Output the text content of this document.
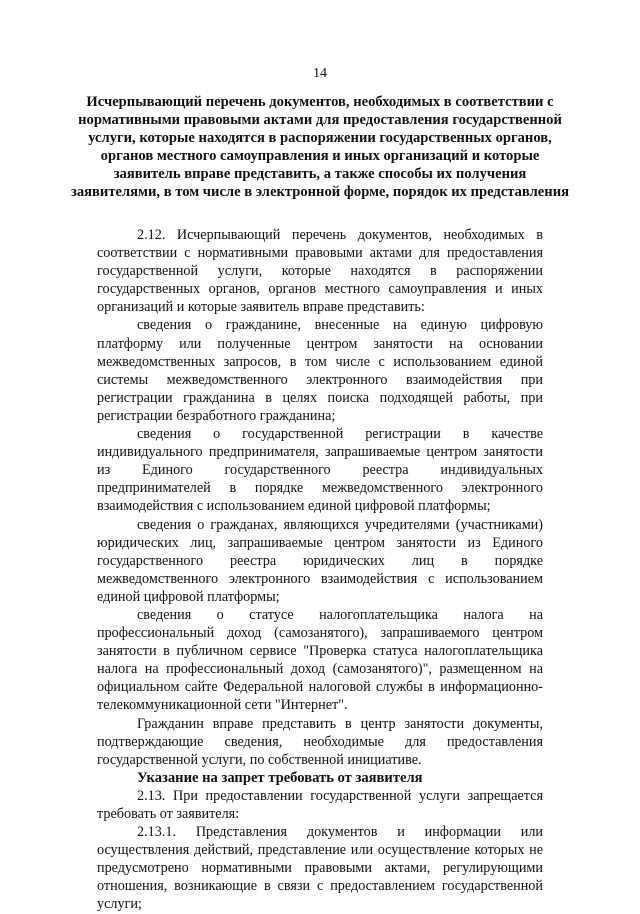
14
Исчерпывающий перечень документов, необходимых в соответствии с нормативными правовыми актами для предоставления государственной услуги, которые находятся в распоряжении государственных органов, органов местного самоуправления и иных организаций и которые заявитель вправе представить, а также способы их получения заявителями, в том числе в электронной форме, порядок их представления

2.12. Исчерпывающий перечень документов, необходимых в соответствии с нормативными правовыми актами для предоставления государственной услуги, которые находятся в распоряжении государственных органов, органов местного самоуправления и иных организаций и которые заявитель вправе представить:

сведения о гражданине, внесенные на единую цифровую платформу или полученные центром занятости на основании межведомственных запросов, в том числе с использованием единой системы межведомственного электронного взаимодействия при регистрации гражданина в целях поиска подходящей работы, при регистрации безработного гражданина;

сведения о государственной регистрации в качестве индивидуального предпринимателя, запрашиваемые центром занятости из Единого государственного реестра индивидуальных предпринимателей в порядке межведомственного электронного взаимодействия с использованием единой цифровой платформы;

сведения о гражданах, являющихся учредителями (участниками) юридических лиц, запрашиваемые центром занятости из Единого государственного реестра юридических лиц в порядке межведомственного электронного взаимодействия с использованием единой цифровой платформы;

сведения о статусе налогоплательщика налога на профессиональный доход (самозанятого), запрашиваемого центром занятости в публичном сервисе "Проверка статуса налогоплательщика налога на профессиональный доход (самозанятого)", размещенном на официальном сайте Федеральной налоговой службы в информационно-телекоммуникационной сети "Интернет".

Гражданин вправе представить в центр занятости документы, подтверждающие сведения, необходимые для предоставления государственной услуги, по собственной инициативе.

Указание на запрет требовать от заявителя

2.13. При предоставлении государственной услуги запрещается требовать от заявителя:

2.13.1. Представления документов и информации или осуществления действий, представление или осуществление которых не предусмотрено нормативными правовыми актами, регулирующими отношения, возникающие в связи с предоставлением государственной услуги;
